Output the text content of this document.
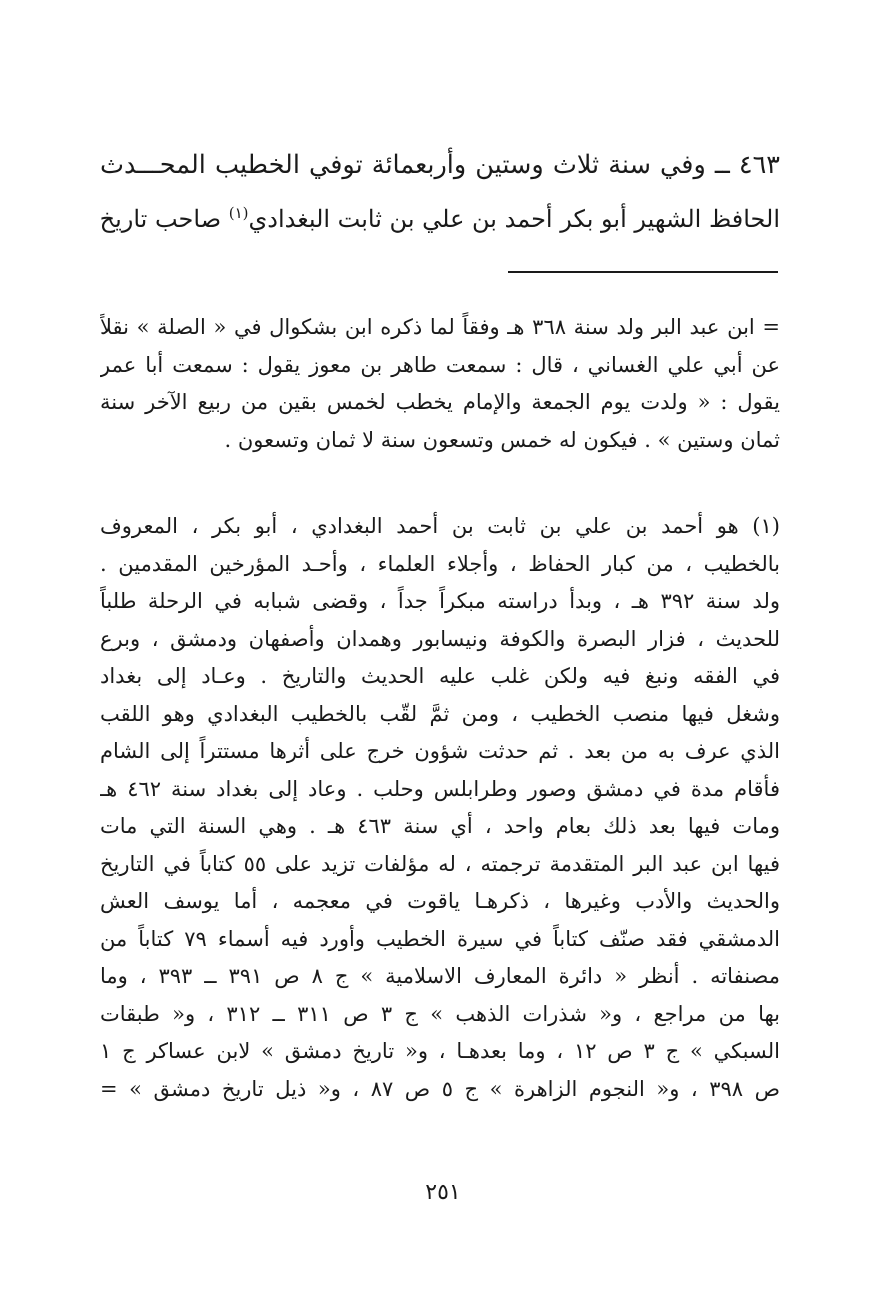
٤٦٣ ــ وفي سنة ثلاث وستين وأربعمائة توفي الخطيب المحـــدث
الحافظ الشهير أبو بكر أحمد بن علي بن ثابت البغدادي$^{(١)}$ صاحب تاريخ
= ابن عبد البر ولد سنة ٣٦٨ هـ وفقاً لما ذكره ابن بشكوال في « الصلة » نقلاً
عن أبي علي الغساني ، قال : سمعت طاهر بن معوز يقول : سمعت أبا عمر
يقول : « ولدت يوم الجمعة والإمام يخطب لخمس بقين من ربيع الآخر سنة
ثمان وستين » . فيكون له خمس وتسعون سنة لا ثمان وتسعون .
(١) هو أحمد بن علي بن ثابت بن أحمد البغدادي ، أبو بكر ، المعروف
بالخطيب ، من كبار الحفاظ ، وأجلاء العلماء ، وأحـد المؤرخين المقدمين .
ولد سنة ٣٩٢ هـ ، وبدأ دراسته مبكراً جداً ، وقضى شبابه في الرحلة طلباً
للحديث ، فزار البصرة والكوفة ونيسابور وهمدان وأصفهان ودمشق ، وبرع
في الفقه ونبغ فيه ولكن غلب عليه الحديث والتاريخ . وعـاد إلى بغداد
وشغل فيها منصب الخطيب ، ومن ثمَّ لقّب بالخطيب البغدادي وهو اللقب
الذي عرف به من بعد . ثم حدثت شؤون خرج على أثرها مستتراً إلى الشام
فأقام مدة في دمشق وصور وطرابلس وحلب . وعاد إلى بغداد سنة ٤٦٢ هـ
ومات فيها بعد ذلك بعام واحد ، أي سنة ٤٦٣ هـ . وهي السنة التي مات
فيها ابن عبد البر المتقدمة ترجمته ، له مؤلفات تزيد على ٥٥ كتاباً في التاريخ
والحديث والأدب وغيرها ، ذكرهـا ياقوت في معجمه ، أما يوسف العش
الدمشقي فقد صنّف كتاباً في سيرة الخطيب وأورد فيه أسماء ٧٩ كتاباً من
مصنفاته . أنظر « دائرة المعارف الاسلامية » ج ٨ ص ٣٩١ ــ ٣٩٣ ، وما
بها من مراجع ، و« شذرات الذهب » ج ٣ ص ٣١١ ــ ٣١٢ ، و« طبقات
السبكي » ج ٣ ص ١٢ ، وما بعدهـا ، و« تاريخ دمشق » لابن عساكر ج ١
ص ٣٩٨ ، و« النجوم الزاهرة » ج ٥ ص ٨٧ ، و« ذيل تاريخ دمشق » =
٢٥١
